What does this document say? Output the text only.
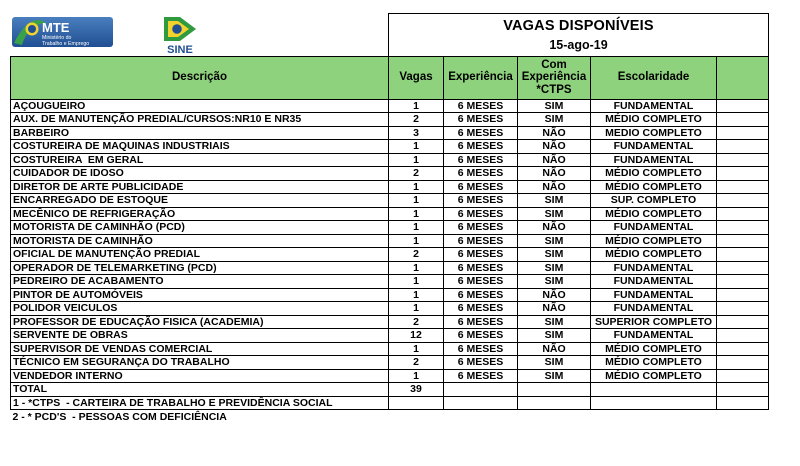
MTE
Ministério do
Trabalho e Emprego	SINE

	VAGAS DISPONÍVEIS
15-ago-19				

Descrição	Vagas	Experiência	Com
Experiência
*CTPS	Escolaridade	
AÇOUGUEIRO	1	6 MESES	SIM	FUNDAMENTAL	
AUX. DE MANUTENÇÃO PREDIAL/CURSOS:NR10 E NR35	2	6 MESES	SIM	MÉDIO COMPLETO	
BARBEIRO	3	6 MESES	NÃO	MEDIO COMPLETO	
COSTUREIRA DE MAQUINAS INDUSTRIAIS	1	6 MESES	NÃO	FUNDAMENTAL	
COSTUREIRA  EM GERAL	1	6 MESES	NÃO	FUNDAMENTAL	
CUIDADOR DE IDOSO	2	6 MESES	NÃO	MÉDIO COMPLETO	
DIRETOR DE ARTE PUBLICIDADE	1	6 MESES	NÃO	MÉDIO COMPLETO	
ENCARREGADO DE ESTOQUE	1	6 MESES	SIM	SUP. COMPLETO	
MECÊNICO DE REFRIGERAÇÃO	1	6 MESES	SIM	MÉDIO COMPLETO	
MOTORISTA DE CAMINHÃO (PCD)	1	6 MESES	NÃO	FUNDAMENTAL	
MOTORISTA DE CAMINHÃO	1	6 MESES	SIM	MÉDIO COMPLETO	
OFICIAL DE MANUTENÇÃO PREDIAL	2	6 MESES	SIM	MÉDIO COMPLETO	
OPERADOR DE TELEMARKETING (PCD)	1	6 MESES	SIM	FUNDAMENTAL	
PEDREIRO DE ACABAMENTO	1	6 MESES	SIM	FUNDAMENTAL	
PINTOR DE AUTOMÓVEIS	1	6 MESES	NÃO	FUNDAMENTAL	
POLIDOR VEICULOS	1	6 MESES	NÃO	FUNDAMENTAL	
PROFESSOR DE EDUCAÇÃO FISICA (ACADEMIA)	2	6 MESES	SIM	SUPERIOR COMPLETO	
SERVENTE DE OBRAS	12	6 MESES	SIM	FUNDAMENTAL	
SUPERVISOR DE VENDAS COMERCIAL	1	6 MESES	NÃO	MÉDIO COMPLETO	
TÉCNICO EM SEGURANÇA DO TRABALHO	2	6 MESES	SIM	MÉDIO COMPLETO	
VENDEDOR INTERNO	1	6 MESES	SIM	MÉDIO COMPLETO	
TOTAL	39				
1 - *CTPS  - CARTEIRA DE TRABALHO E PREVIDÊNCIA SOCIAL					
2 - * PCD'S  - PESSOAS COM DEFICIÊNCIA					
